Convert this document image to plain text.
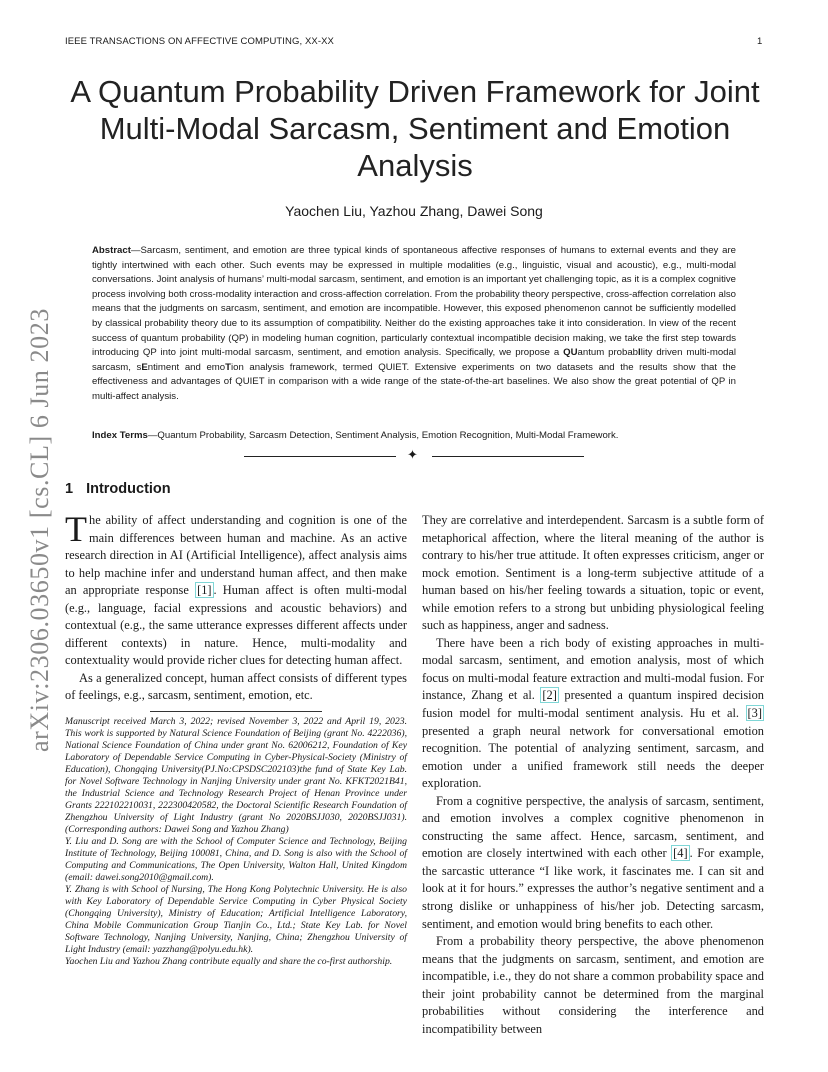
IEEE TRANSACTIONS ON AFFECTIVE COMPUTING, XX-XX	1
A Quantum Probability Driven Framework for Joint Multi-Modal Sarcasm, Sentiment and Emotion Analysis
Yaochen Liu, Yazhou Zhang, Dawei Song

Abstract—Sarcasm, sentiment, and emotion are three typical kinds of spontaneous affective responses of humans to external events and they are tightly intertwined with each other. Such events may be expressed in multiple modalities (e.g., linguistic, visual and acoustic), e.g., multi-modal conversations. Joint analysis of humans’ multi-modal sarcasm, sentiment, and emotion is an important yet challenging topic, as it is a complex cognitive process involving both cross-modality interaction and cross-affection correlation. From the probability theory perspective, cross-affection correlation also means that the judgments on sarcasm, sentiment, and emotion are incompatible. However, this exposed phenomenon cannot be sufficiently modelled by classical probability theory due to its assumption of compatibility. Neither do the existing approaches take it into consideration. In view of the recent success of quantum probability (QP) in modeling human cognition, particularly contextual incompatible decision making, we take the first step towards introducing QP into joint multi-modal sarcasm, sentiment, and emotion analysis. Specifically, we propose a QUantum probabIlity driven multi-modal sarcasm, sEntiment and emoTion analysis framework, termed QUIET. Extensive experiments on two datasets and the results show that the effectiveness and advantages of QUIET in comparison with a wide range of the state-of-the-art baselines. We also show the great potential of QP in multi-affect analysis.

Index Terms—Quantum Probability, Sarcasm Detection, Sentiment Analysis, Emotion Recognition, Multi-Modal Framework.

✦
arXiv:2306.03650v1 [cs.CL] 6 Jun 2023 1 Introduction

The ability of affect understanding and cognition is one of the main differences between human and machine. As an active research direction in AI (Artificial Intelligence), affect analysis aims to help machine infer and understand human affect, and then make an appropriate response [1] . Human affect is often multi-modal (e.g., language, facial expressions and acoustic behaviors) and contextual (e.g., the same utterance expresses different affects under different contexts) in nature. Hence, multi-modality and contextuality would provide richer clues for detecting human affect.

As a generalized concept, human affect consists of different types of feelings, e.g., sarcasm, sentiment, emotion, etc.

Manuscript received March 3, 2022; revised November 3, 2022 and April 19, 2023. This work is supported by Natural Science Foundation of Beijing (grant No. 4222036), National Science Foundation of China under grant No. 62006212, Foundation of Key Laboratory of Dependable Service Computing in Cyber-Physical-Society (Ministry of Education), Chongqing University(PJ.No:CPSDSC202103)the fund of State Key Lab. for Novel Software Technology in Nanjing University under grant No. KFKT2021B41, the Industrial Science and Technology Research Project of Henan Province under Grants 222102210031, 222300420582, the Doctoral Scientific Research Foundation of Zhengzhou University of Light Industry (grant No 2020BSJJ030, 2020BSJJ031).(Corresponding authors: Dawei Song and Yazhou Zhang)

Y. Liu and D. Song are with the School of Computer Science and Technology, Beijing Institute of Technology, Beijing 100081, China, and D. Song is also with the School of Computing and Communications, The Open University, Walton Hall, United Kingdom (email: dawei.song2010@gmail.com).

Y. Zhang is with School of Nursing, The Hong Kong Polytechnic University. He is also with Key Laboratory of Dependable Service Computing in Cyber Physical Society (Chongqing University), Ministry of Education; Artificial Intelligence Laboratory, China Mobile Communication Group Tianjin Co., Ltd.; State Key Lab. for Novel Software Technology, Nanjing University, Nanjing, China; Zhengzhou University of Light Industry (email: yazzhang@polyu.edu.hk).

Yaochen Liu and Yazhou Zhang contribute equally and share the co-first authorship.

They are correlative and interdependent. Sarcasm is a subtle form of metaphorical affection, where the literal meaning of the author is contrary to his/her true attitude. It often expresses criticism, anger or mock emotion. Sentiment is a long-term subjective attitude of a human based on his/her feeling towards a situation, topic or event, while emotion refers to a strong but unbiding physiological feeling such as happiness, anger and sadness.

There have been a rich body of existing approaches in multi-modal sarcasm, sentiment, and emotion analysis, most of which focus on multi-modal feature extraction and multi-modal fusion. For instance, Zhang et al. [2] presented a quantum inspired decision fusion model for multi-modal sentiment analysis. Hu et al. [3] presented a graph neural network for conversational emotion recognition. The potential of analyzing sentiment, sarcasm, and emotion under a unified framework still needs the deeper exploration.

From a cognitive perspective, the analysis of sarcasm, sentiment, and emotion involves a complex cognitive phenomenon in constructing the same affect. Hence, sarcasm, sentiment, and emotion are closely intertwined with each other [4] . For example, the sarcastic utterance “I like work, it fascinates me. I can sit and look at it for hours.” expresses the author’s negative sentiment and a strong dislike or unhappiness of his/her job. Detecting sarcasm, sentiment, and emotion would bring benefits to each other.

From a probability theory perspective, the above phenomenon means that the judgments on sarcasm, sentiment, and emotion are incompatible, i.e., they do not share a common probability space and their joint probability cannot be determined from the marginal probabilities without considering the interference and incompatibility between
